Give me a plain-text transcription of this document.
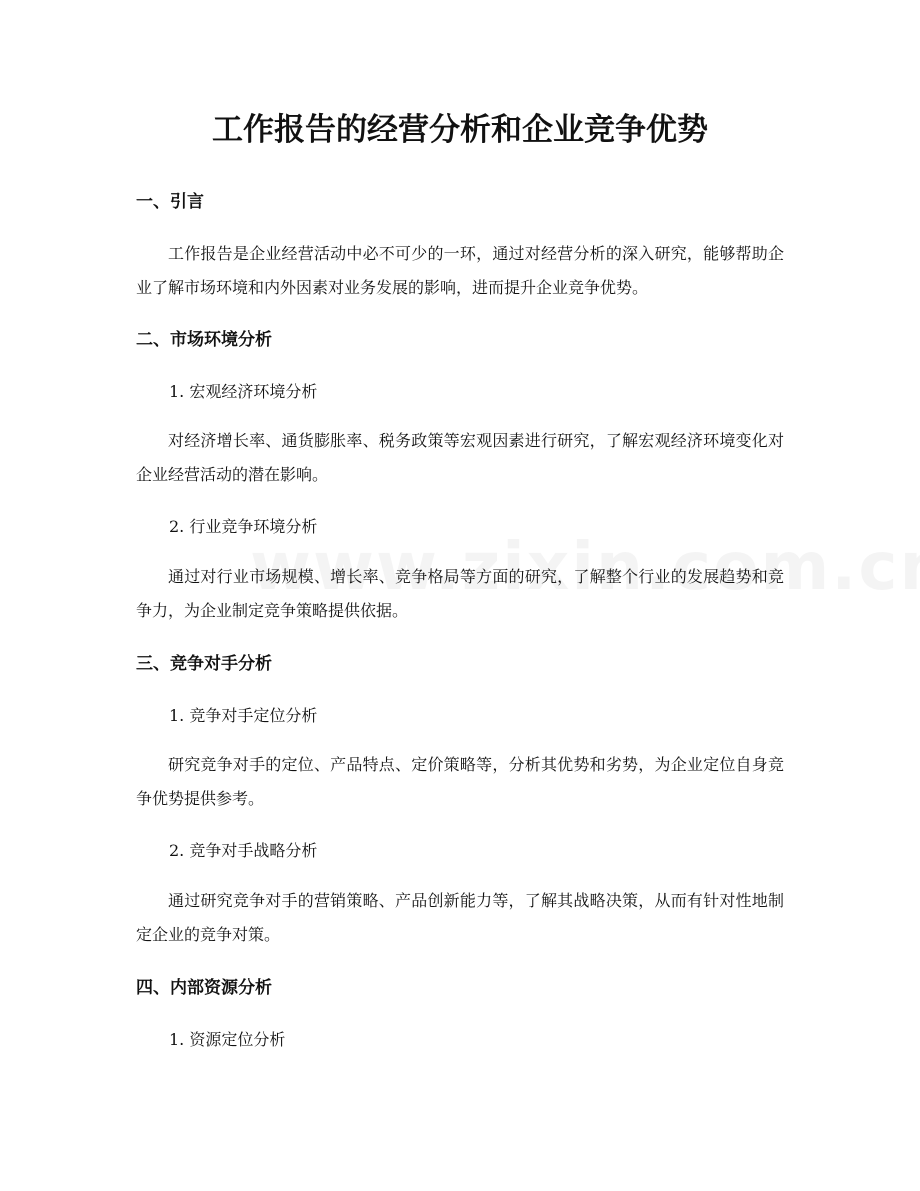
工作报告的经营分析和企业竞争优势
一、引言

工作报告是企业经营活动中必不可少的一环，通过对经营分析的深入研究，能够帮助企业了解市场环境和内外因素对业务发展的影响，进而提升企业竞争优势。

二、市场环境分析

1. 宏观经济环境分析

对经济增长率、通货膨胀率、税务政策等宏观因素进行研究，了解宏观经济环境变化对企业经营活动的潜在影响。

2. 行业竞争环境分析

通过对行业市场规模、增长率、竞争格局等方面的研究，了解整个行业的发展趋势和竞争力，为企业制定竞争策略提供依据。

三、竞争对手分析

1. 竞争对手定位分析

研究竞争对手的定位、产品特点、定价策略等，分析其优势和劣势，为企业定位自身竞争优势提供参考。

2. 竞争对手战略分析

通过研究竞争对手的营销策略、产品创新能力等，了解其战略决策，从而有针对性地制定企业的竞争对策。

四、内部资源分析

1. 资源定位分析
